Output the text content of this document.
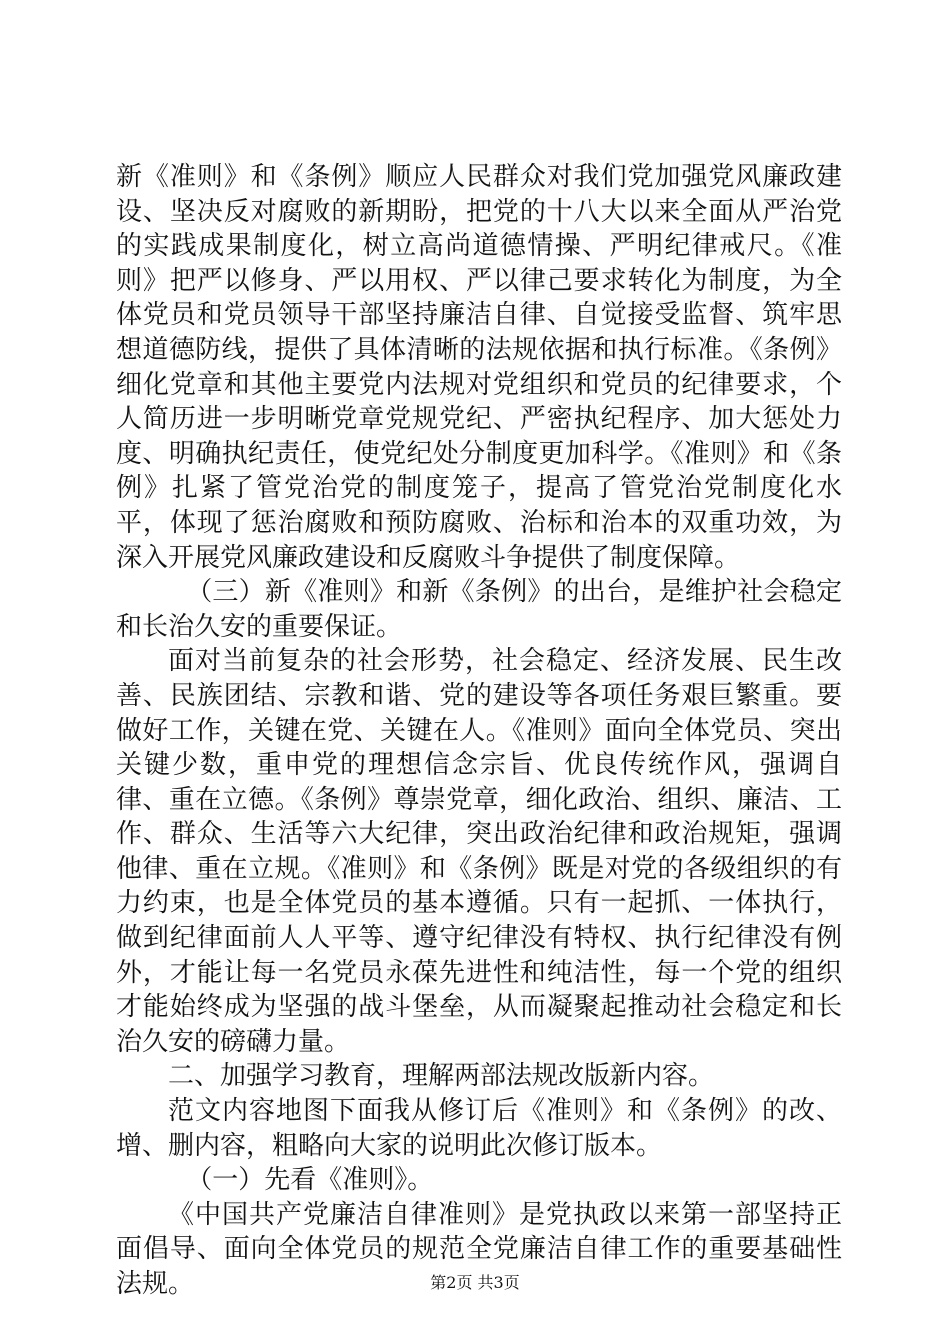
新《准则》和《条例》顺应人民群众对我们党加强党风廉政建设、坚决反对腐败的新期盼，把党的十八大以来全面从严治党的实践成果制度化，树立高尚道德情操、严明纪律戒尺。《准则》把严以修身、严以用权、严以律己要求转化为制度，为全体党员和党员领导干部坚持廉洁自律、自觉接受监督、筑牢思想道德防线，提供了具体清晰的法规依据和执行标准。《条例》细化党章和其他主要党内法规对党组织和党员的纪律要求，个人简历进一步明晰党章党规党纪、严密执纪程序、加大惩处力度、明确执纪责任，使党纪处分制度更加科学。《准则》和《条例》扎紧了管党治党的制度笼子，提高了管党治党制度化水平，体现了惩治腐败和预防腐败、治标和治本的双重功效，为深入开展党风廉政建设和反腐败斗争提供了制度保障。

（三）新《准则》和新《条例》的出台，是维护社会稳定和长治久安的重要保证。

面对当前复杂的社会形势，社会稳定、经济发展、民生改善、民族团结、宗教和谐、党的建设等各项任务艰巨繁重。要做好工作，关键在党、关键在人。《准则》面向全体党员、突出关键少数，重申党的理想信念宗旨、优良传统作风，强调自律、重在立德。《条例》尊崇党章，细化政治、组织、廉洁、工作、群众、生活等六大纪律，突出政治纪律和政治规矩，强调他律、重在立规。《准则》和《条例》既是对党的各级组织的有力约束，也是全体党员的基本遵循。只有一起抓、一体执行，做到纪律面前人人平等、遵守纪律没有特权、执行纪律没有例外，才能让每一名党员永葆先进性和纯洁性，每一个党的组织才能始终成为坚强的战斗堡垒，从而凝聚起推动社会稳定和长治久安的磅礴力量。

二、加强学习教育，理解两部法规改版新内容。

范文内容地图下面我从修订后《准则》和《条例》的改、增、删内容，粗略向大家的说明此次修订版本。

（一）先看《准则》。

《中国共产党廉洁自律准则》是党执政以来第一部坚持正面倡导、面向全体党员的规范全党廉洁自律工作的重要基础性法规。	第2页 共3页
